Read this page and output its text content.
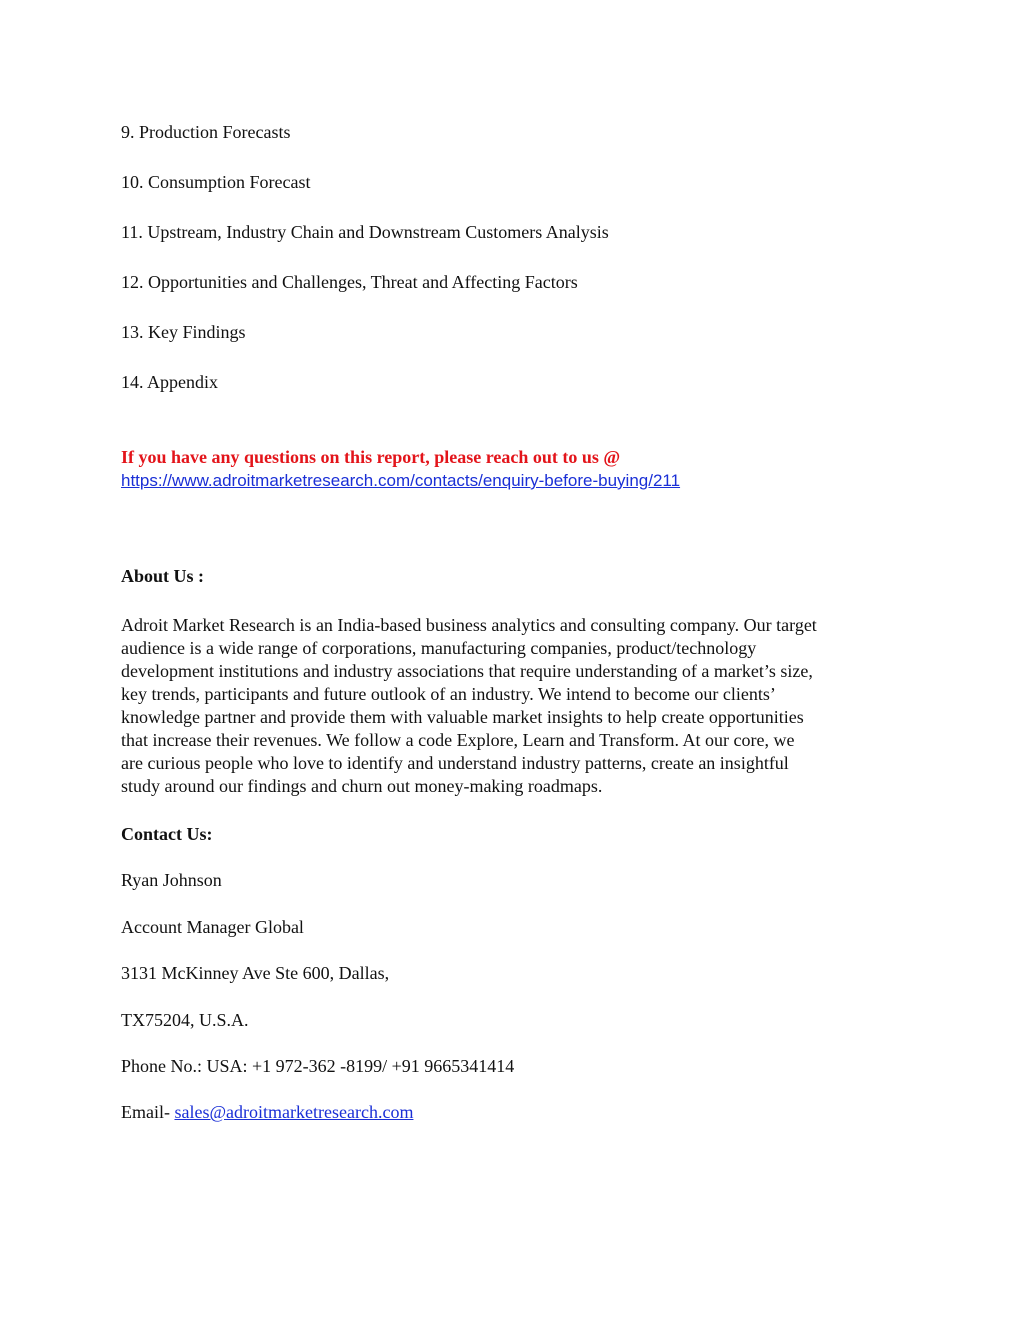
9. Production Forecasts
10. Consumption Forecast
11. Upstream, Industry Chain and Downstream Customers Analysis
12. Opportunities and Challenges, Threat and Affecting Factors
13. Key Findings
14. Appendix
If you have any questions on this report, please reach out to us @
https://www.adroitmarketresearch.com/contacts/enquiry-before-buying/211
About Us :
Adroit Market Research is an India-based business analytics and consulting company. Our target
audience is a wide range of corporations, manufacturing companies, product/technology
development institutions and industry associations that require understanding of a market’s size,
key trends, participants and future outlook of an industry. We intend to become our clients’
knowledge partner and provide them with valuable market insights to help create opportunities
that increase their revenues. We follow a code Explore, Learn and Transform. At our core, we
are curious people who love to identify and understand industry patterns, create an insightful
study around our findings and churn out money-making roadmaps.
Contact Us:
Ryan Johnson
Account Manager Global
3131 McKinney Ave Ste 600, Dallas,
TX75204, U.S.A.
Phone No.: USA: +1 972-362 -8199/ +91 9665341414
Email- sales@adroitmarketresearch.com
